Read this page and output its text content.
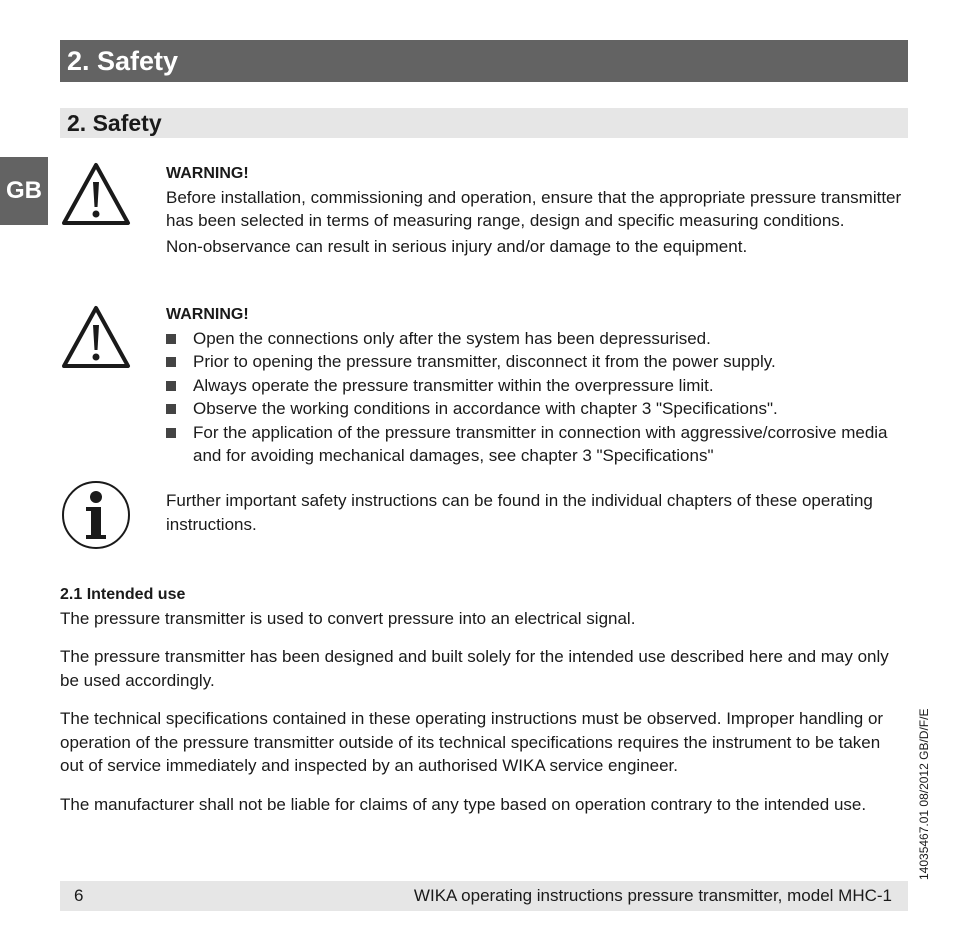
2. Safety
2. Safety
GB

WARNING!

Before installation, commissioning and operation, ensure that the appropriate pressure transmitter has been selected in terms of measuring range, design and specific measuring conditions.

Non-observance can result in serious injury and/or damage to the equipment.

WARNING!

Open the connections only after the system has been depressurised.
Prior to opening the pressure transmitter, disconnect it from the power supply.
Always operate the pressure transmitter within the overpressure limit.
Observe the working conditions in accordance with chapter 3 "Specifications".
For the application of the pressure transmitter in connection with aggressive/corrosive media and for avoiding mechanical damages, see chapter 3 "Specifications"

Further important safety instructions can be found in the individual chapters of these operating instructions.

2.1 Intended use

The pressure transmitter is used to convert pressure into an electrical signal.

The pressure transmitter has been designed and built solely for the intended use described here and may only be used accordingly.

The technical specifications contained in these operating instructions must be observed. Improper handling or operation of the pressure transmitter outside of its technical specifications requires the instrument to be taken out of service immediately and inspected by an authorised WIKA service engineer.

The manufacturer shall not be liable for claims of any type based on operation contrary to the intended use.

6	WIKA operating instructions pressure transmitter, model MHC-1
14035467.01 08/2012 GB/D/F/E
